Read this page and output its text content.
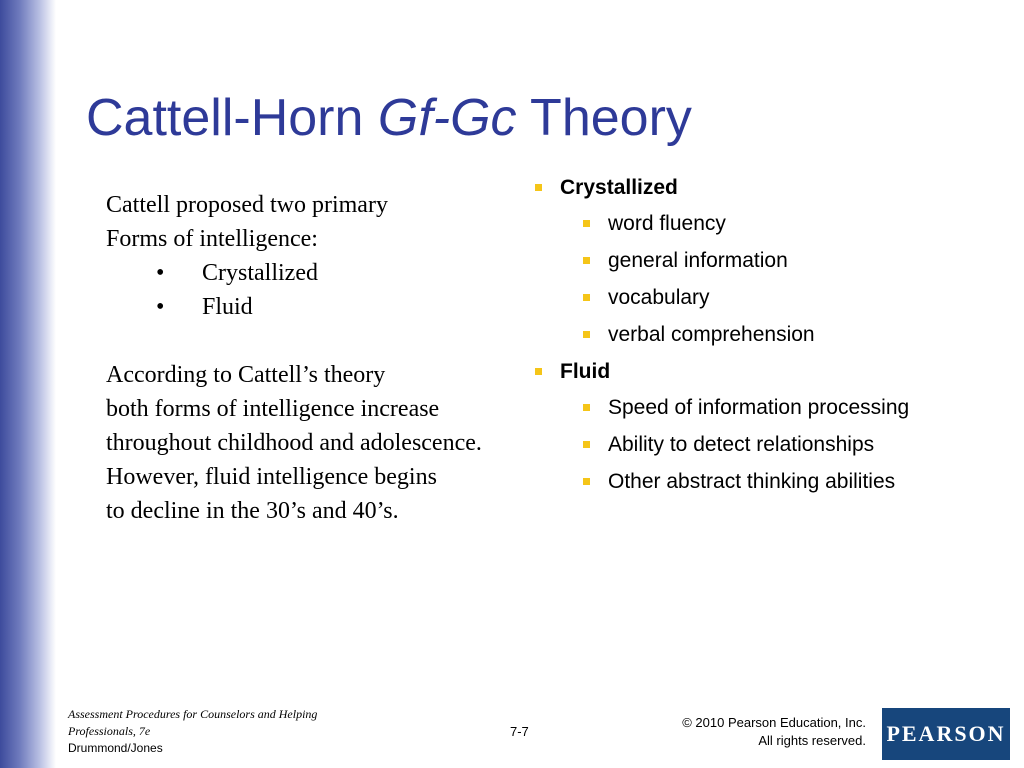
Cattell-Horn Gf-Gc Theory

Cattell proposed two primary

Forms of intelligence:

•	Crystallized
•	Fluid

According to Cattell’s theory

both forms of intelligence increase

throughout childhood and adolescence.

However, fluid intelligence begins

to decline in the 30’s and 40’s.

Crystallized
word fluency
general information
vocabulary
verbal comprehension
Fluid
Speed of information processing
Ability to detect relationships
Other abstract thinking abilities
Assessment Procedures for Counselors and Helping
Professionals, 7e
Drummond/Jones
7-7
© 2010 Pearson Education, Inc.
All rights reserved. PEARSON
